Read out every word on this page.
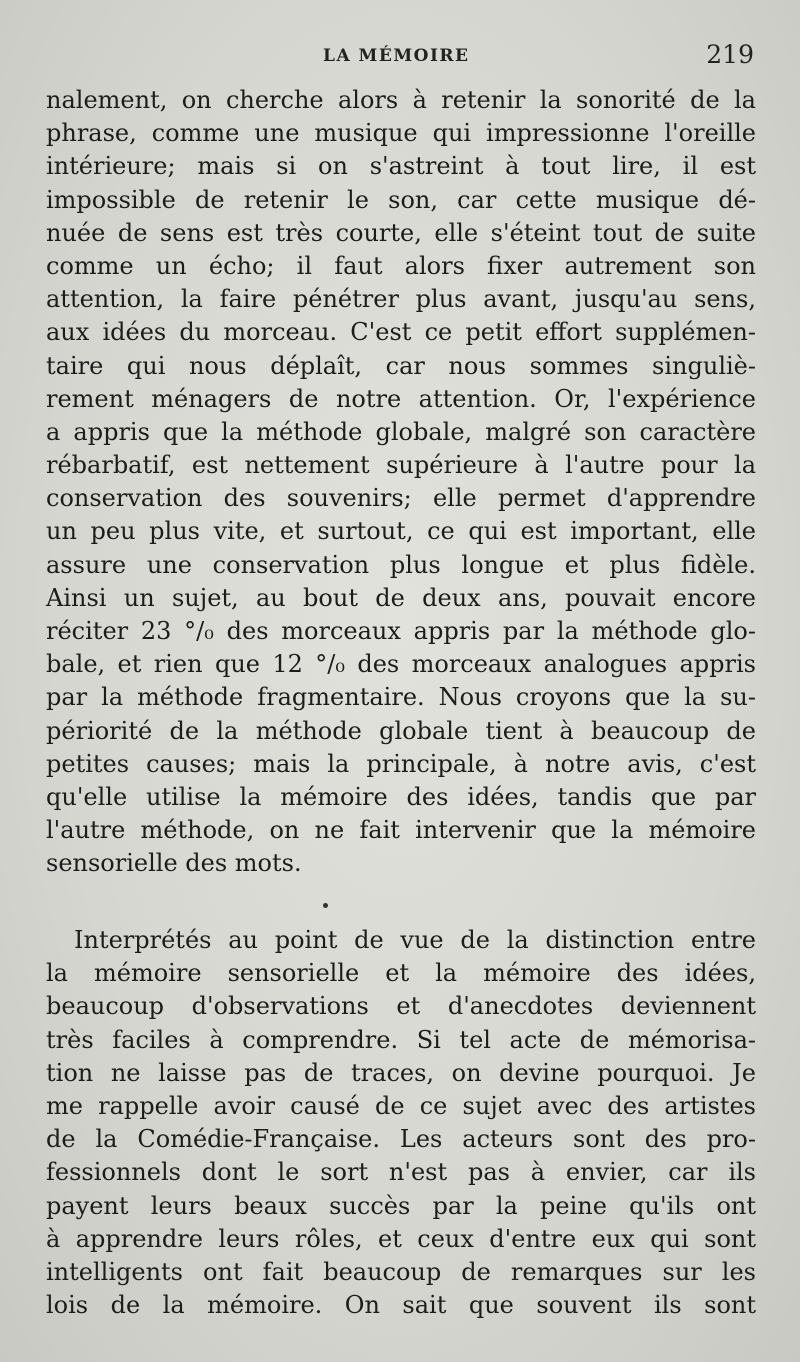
LA MÉMOIRE	219
nalement, on cherche alors à retenir la sonorité de la
phrase, comme une musique qui impressionne l'oreille
intérieure; mais si on s'astreint à tout lire, il est
impossible de retenir le son, car cette musique dé-
nuée de sens est très courte, elle s'éteint tout de suite
comme un écho; il faut alors fixer autrement son
attention, la faire pénétrer plus avant, jusqu'au sens,
aux idées du morceau. C'est ce petit effort supplémen-
taire qui nous déplaît, car nous sommes singuliè-
rement ménagers de notre attention. Or, l'expérience
a appris que la méthode globale, malgré son caractère
rébarbatif, est nettement supérieure à l'autre pour la
conservation des souvenirs; elle permet d'apprendre
un peu plus vite, et surtout, ce qui est important, elle
assure une conservation plus longue et plus fidèle.
Ainsi un sujet, au bout de deux ans, pouvait encore
réciter 23 °/₀ des morceaux appris par la méthode glo-
bale, et rien que 12 °/₀ des morceaux analogues appris
par la méthode fragmentaire. Nous croyons que la su-
périorité de la méthode globale tient à beaucoup de
petites causes; mais la principale, à notre avis, c'est
qu'elle utilise la mémoire des idées, tandis que par
l'autre méthode, on ne fait intervenir que la mémoire
sensorielle des mots.
Interprétés au point de vue de la distinction entre
la mémoire sensorielle et la mémoire des idées,
beaucoup d'observations et d'anecdotes deviennent
très faciles à comprendre. Si tel acte de mémorisa-
tion ne laisse pas de traces, on devine pourquoi. Je
me rappelle avoir causé de ce sujet avec des artistes
de la Comédie-Française. Les acteurs sont des pro-
fessionnels dont le sort n'est pas à envier, car ils
payent leurs beaux succès par la peine qu'ils ont
à apprendre leurs rôles, et ceux d'entre eux qui sont
intelligents ont fait beaucoup de remarques sur les
lois de la mémoire. On sait que souvent ils sont
